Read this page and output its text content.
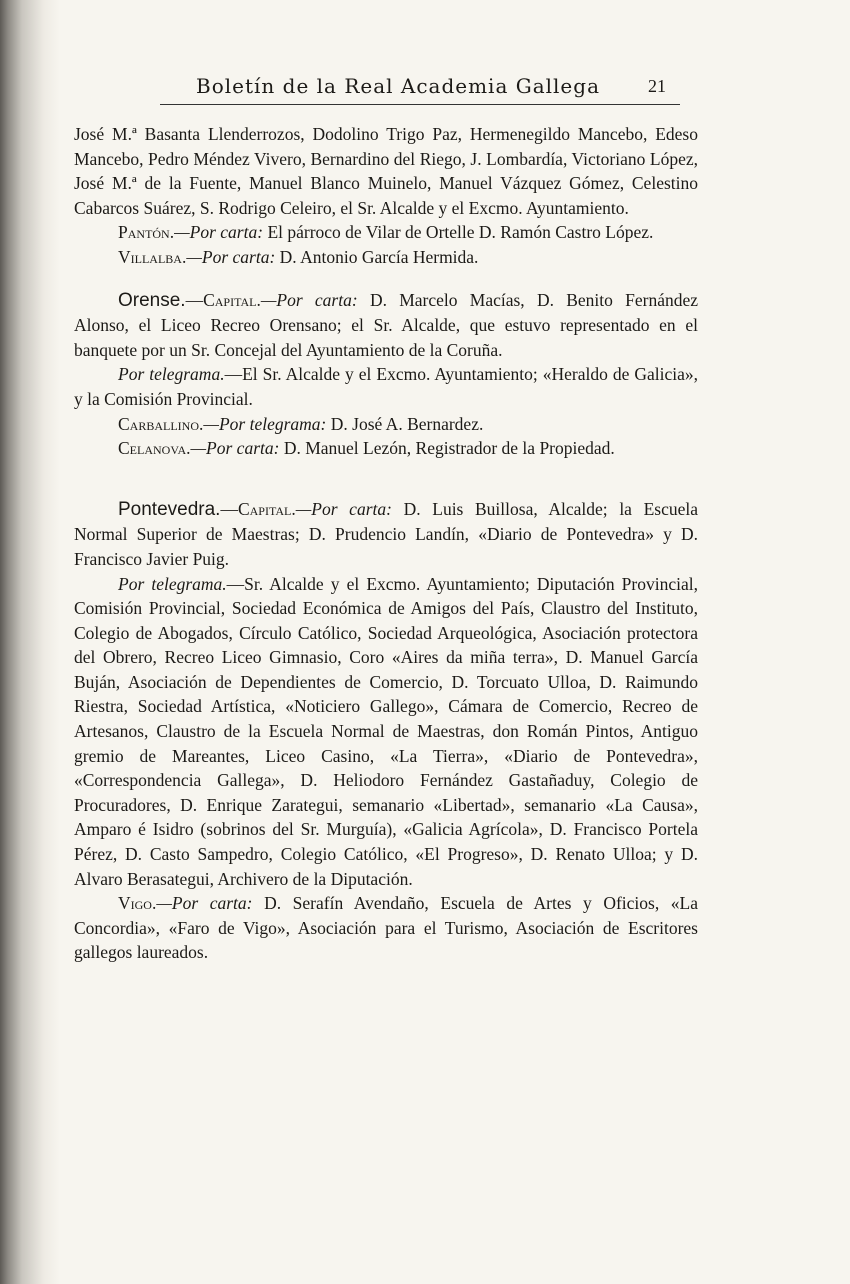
Boletín de la Real Academia Gallega	21

José M.ª Basanta Llenderrozos, Dodolino Trigo Paz, Hermenegildo Mancebo, Edeso Mancebo, Pedro Méndez Vivero, Bernardino del Riego, J. Lombardía, Victoriano López, José M.ª de la Fuente, Manuel Blanco Muinelo, Manuel Vázquez Gómez, Celestino Cabarcos Suárez, S. Rodrigo Celeiro, el Sr. Alcalde y el Excmo. Ayuntamiento.

Pantón.—Por carta: El párroco de Vilar de Ortelle D. Ramón Castro López.

Villalba.—Por carta: D. Antonio García Hermida.

Orense.—Capital.—Por carta: D. Marcelo Macías, D. Benito Fernández Alonso, el Liceo Recreo Orensano; el Sr. Alcalde, que estuvo representado en el banquete por un Sr. Concejal del Ayuntamiento de la Coruña.

Por telegrama.—El Sr. Alcalde y el Excmo. Ayuntamiento; «Heraldo de Galicia», y la Comisión Provincial.

Carballino.—Por telegrama: D. José A. Bernardez.

Celanova.—Por carta: D. Manuel Lezón, Registrador de la Propiedad.

Pontevedra.—Capital.—Por carta: D. Luis Buillosa, Alcalde; la Escuela Normal Superior de Maestras; D. Prudencio Landín, «Diario de Pontevedra» y D. Francisco Javier Puig.

Por telegrama.—Sr. Alcalde y el Excmo. Ayuntamiento; Diputación Provincial, Comisión Provincial, Sociedad Económica de Amigos del País, Claustro del Instituto, Colegio de Abogados, Círculo Católico, Sociedad Arqueológica, Asociación protectora del Obrero, Recreo Liceo Gimnasio, Coro «Aires da miña terra», D. Manuel García Buján, Asociación de Dependientes de Comercio, D. Torcuato Ulloa, D. Raimundo Riestra, Sociedad Artística, «Noticiero Gallego», Cámara de Comercio, Recreo de Artesanos, Claustro de la Escuela Normal de Maestras, don Román Pintos, Antiguo gremio de Mareantes, Liceo Casino, «La Tierra», «Diario de Pontevedra», «Correspondencia Gallega», D. Heliodoro Fernández Gastañaduy, Colegio de Procuradores, D. Enrique Zarategui, semanario «Libertad», semanario «La Causa», Amparo é Isidro (sobrinos del Sr. Murguía), «Galicia Agrícola», D. Francisco Portela Pérez, D. Casto Sampedro, Colegio Católico, «El Progreso», D. Renato Ulloa; y D. Alvaro Berasategui, Archivero de la Diputación.

Vigo.—Por carta: D. Serafín Avendaño, Escuela de Artes y Oficios, «La Concordia», «Faro de Vigo», Asociación para el Turismo, Asociación de Escritores gallegos laureados.
